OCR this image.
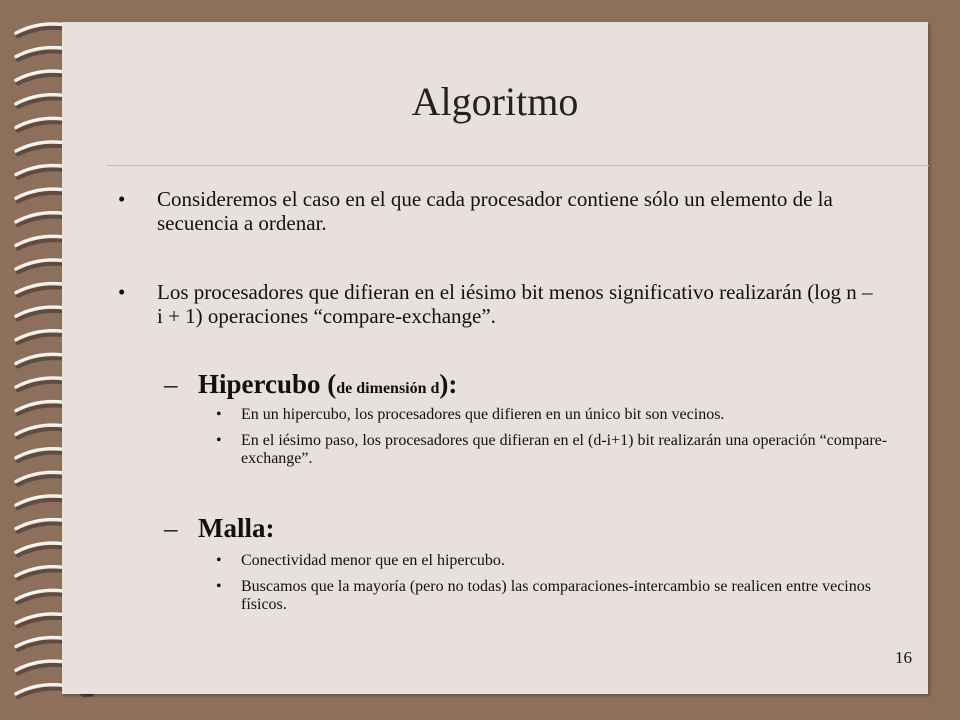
Algoritmo
• Consideremos el caso en el que cada procesador contiene sólo un elemento de la secuencia a ordenar.
• Los procesadores que difieran en el iésimo bit menos significativo realizarán (log n – i + 1) operaciones “compare-exchange”.
– Hipercubo (de dimensión d):
• En un hipercubo, los procesadores que difieren en un único bit son vecinos.
• En el iésimo paso, los procesadores que difieran en el (d-i+1) bit realizarán una operación “compare-exchange”.
– Malla:
• Conectividad menor que en el hipercubo.
• Buscamos que la mayoría (pero no todas) las comparaciones-intercambio se realicen entre vecinos físicos.
16
